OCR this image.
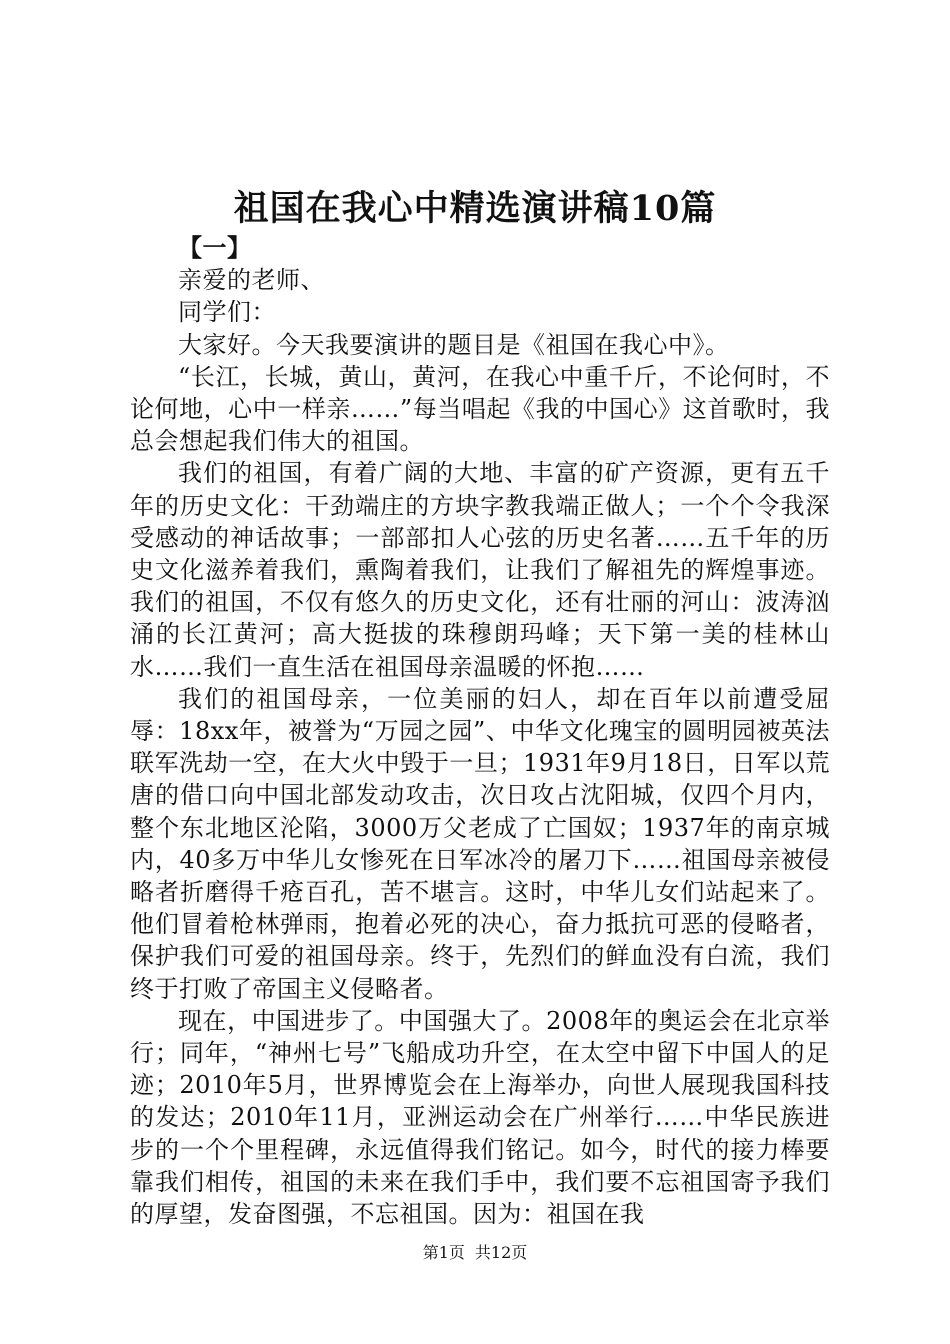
祖国在我心中精选演讲稿10篇

【一】

亲爱的老师、

同学们：

大家好。今天我要演讲的题目是《祖国在我心中》。

“长江，长城，黄山，黄河，在我心中重千斤，不论何时，不论何地，心中一样亲……”每当唱起《我的中国心》这首歌时，我总会想起我们伟大的祖国。

我们的祖国，有着广阔的大地、丰富的矿产资源，更有五千年的历史文化：干劲端庄的方块字教我端正做人；一个个令我深受感动的神话故事；一部部扣人心弦的历史名著……五千年的历史文化滋养着我们，熏陶着我们，让我们了解祖先的辉煌事迹。我们的祖国，不仅有悠久的历史文化，还有壮丽的河山：波涛汹涌的长江黄河；高大挺拔的珠穆朗玛峰；天下第一美的桂林山水……我们一直生活在祖国母亲温暖的怀抱……

我们的祖国母亲，一位美丽的妇人，却在百年以前遭受屈辱：18xx年，被誉为“万园之园”、中华文化瑰宝的圆明园被英法联军洗劫一空，在大火中毁于一旦；1931年9月18日，日军以荒唐的借口向中国北部发动攻击，次日攻占沈阳城，仅四个月内，整个东北地区沦陷，3000万父老成了亡国奴；1937年的南京城内，40多万中华儿女惨死在日军冰冷的屠刀下……祖国母亲被侵略者折磨得千疮百孔，苦不堪言。这时，中华儿女们站起来了。他们冒着枪林弹雨，抱着必死的决心，奋力抵抗可恶的侵略者，保护我们可爱的祖国母亲。终于，先烈们的鲜血没有白流，我们终于打败了帝国主义侵略者。

现在，中国进步了。中国强大了。2008年的奥运会在北京举行；同年，“神州七号”飞船成功升空，在太空中留下中国人的足迹；2010年5月，世界博览会在上海举办，向世人展现我国科技的发达；2010年11月，亚洲运动会在广州举行……中华民族进步的一个个里程碑，永远值得我们铭记。如今，时代的接力棒要靠我们相传，祖国的未来在我们手中，我们要不忘祖国寄予我们的厚望，发奋图强，不忘祖国。因为：祖国在我

第1页 共12页
